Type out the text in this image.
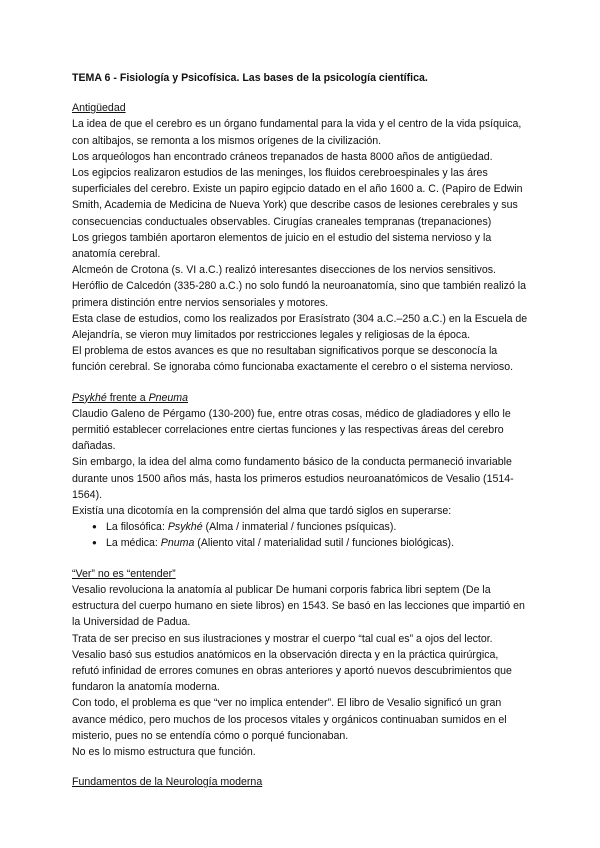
TEMA 6 - Fisiología y Psicofísica. Las bases de la psicología científica.

Antigüedad

La idea de que el cerebro es un órgano fundamental para la vida y el centro de la vida psíquica, con altibajos, se remonta a los mismos orígenes de la civilización.

Los arqueólogos han encontrado cráneos trepanados de hasta 8000 años de antigüedad.

Los egipcios realizaron estudios de las meninges, los fluidos cerebroespinales y las áres superficiales del cerebro. Existe un papiro egipcio datado en el año 1600 a. C. (Papiro de Edwin Smith, Academia de Medicina de Nueva York) que describe casos de lesiones cerebrales y sus consecuencias conductuales observables. Cirugías craneales tempranas (trepanaciones)

Los griegos también aportaron elementos de juicio en el estudio del sistema nervioso y la anatomía cerebral.

Alcmeón de Crotona (s. VI a.C.) realizó interesantes disecciones de los nervios sensitivos.

Heróflio de Calcedón (335-280 a.C.) no solo fundó la neuroanatomía, sino que también realizó la primera distinción entre nervios sensoriales y motores.

Esta clase de estudios, como los realizados por Erasístrato (304 a.C.–250 a.C.) en la Escuela de Alejandría, se vieron muy limitados por restricciones legales y religiosas de la época.

El problema de estos avances es que no resultaban significativos porque se desconocía la función cerebral. Se ignoraba cómo funcionaba exactamente el cerebro o el sistema nervioso.

Psykhé frente a Pneuma

Claudio Galeno de Pérgamo (130-200) fue, entre otras cosas, médico de gladiadores y ello le permitió establecer correlaciones entre ciertas funciones y las respectivas áreas del cerebro dañadas.

Sin embargo, la idea del alma como fundamento básico de la conducta permaneció invariable durante unos 1500 años más, hasta los primeros estudios neuroanatómicos de Vesalio (1514-1564).

Existía una dicotomía en la comprensión del alma que tardó siglos en superarse:

● La filosófica: Psykhé (Alma / inmaterial / funciones psíquicas).
● La médica: Pnuma (Aliento vital / materialidad sutil / funciones biológicas).

“Ver” no es “entender”

Vesalio revoluciona la anatomía al publicar De humani corporis fabrica libri septem (De la estructura del cuerpo humano en siete libros) en 1543. Se basó en las lecciones que impartió en la Universidad de Padua.

Trata de ser preciso en sus ilustraciones y mostrar el cuerpo “tal cual es” a ojos del lector.

Vesalio basó sus estudios anatómicos en la observación directa y en la práctica quirúrgica, refutó infinidad de errores comunes en obras anteriores y aportó nuevos descubrimientos que fundaron la anatomía moderna.

Con todo, el problema es que “ver no implica entender”. El libro de Vesalio significó un gran avance médico, pero muchos de los procesos vitales y orgánicos continuaban sumidos en el misterio, pues no se entendía cómo o porqué funcionaban.

No es lo mismo estructura que función.

Fundamentos de la Neurología moderna
